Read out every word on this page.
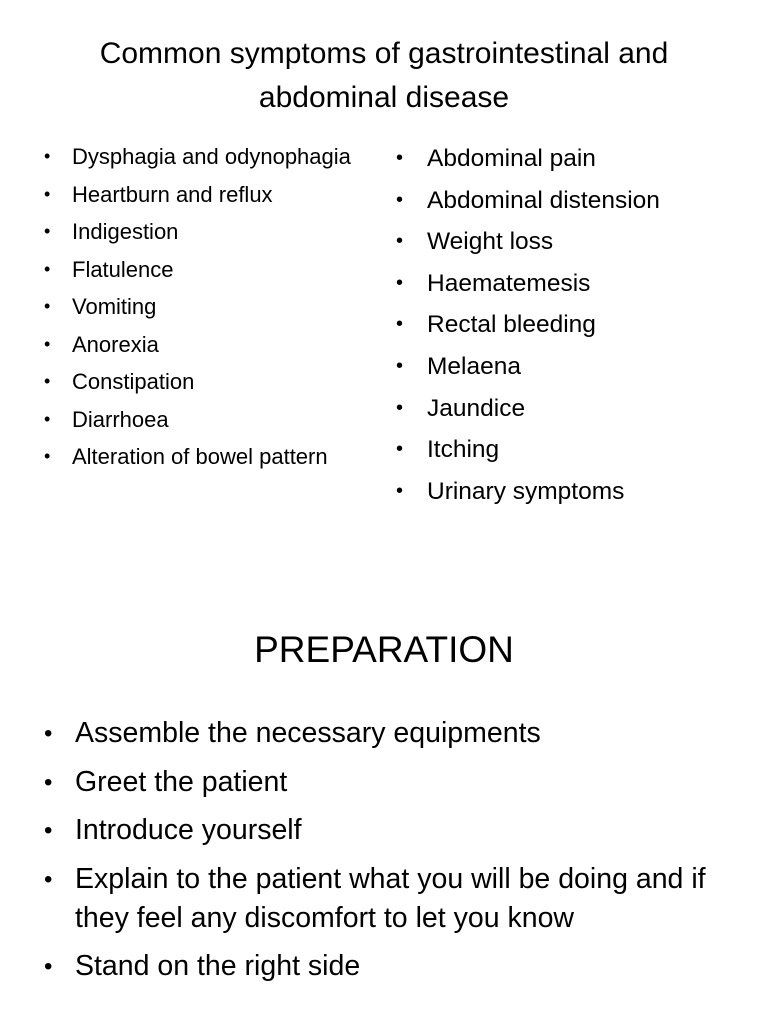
Common symptoms of gastrointestinal and abdominal disease
• Dysphagia and odynophagia
• Heartburn and reflux
• Indigestion
• Flatulence
• Vomiting
• Anorexia
• Constipation
• Diarrhoea
• Alteration of bowel pattern
• Abdominal pain
• Abdominal distension
• Weight loss
• Haematemesis
• Rectal bleeding
• Melaena
• Jaundice
• Itching
• Urinary symptoms
PREPARATION
• Assemble the necessary equipments
• Greet the patient
• Introduce yourself
• Explain to the patient what you will be doing and if they feel any discomfort to let you know
• Stand on the right side
